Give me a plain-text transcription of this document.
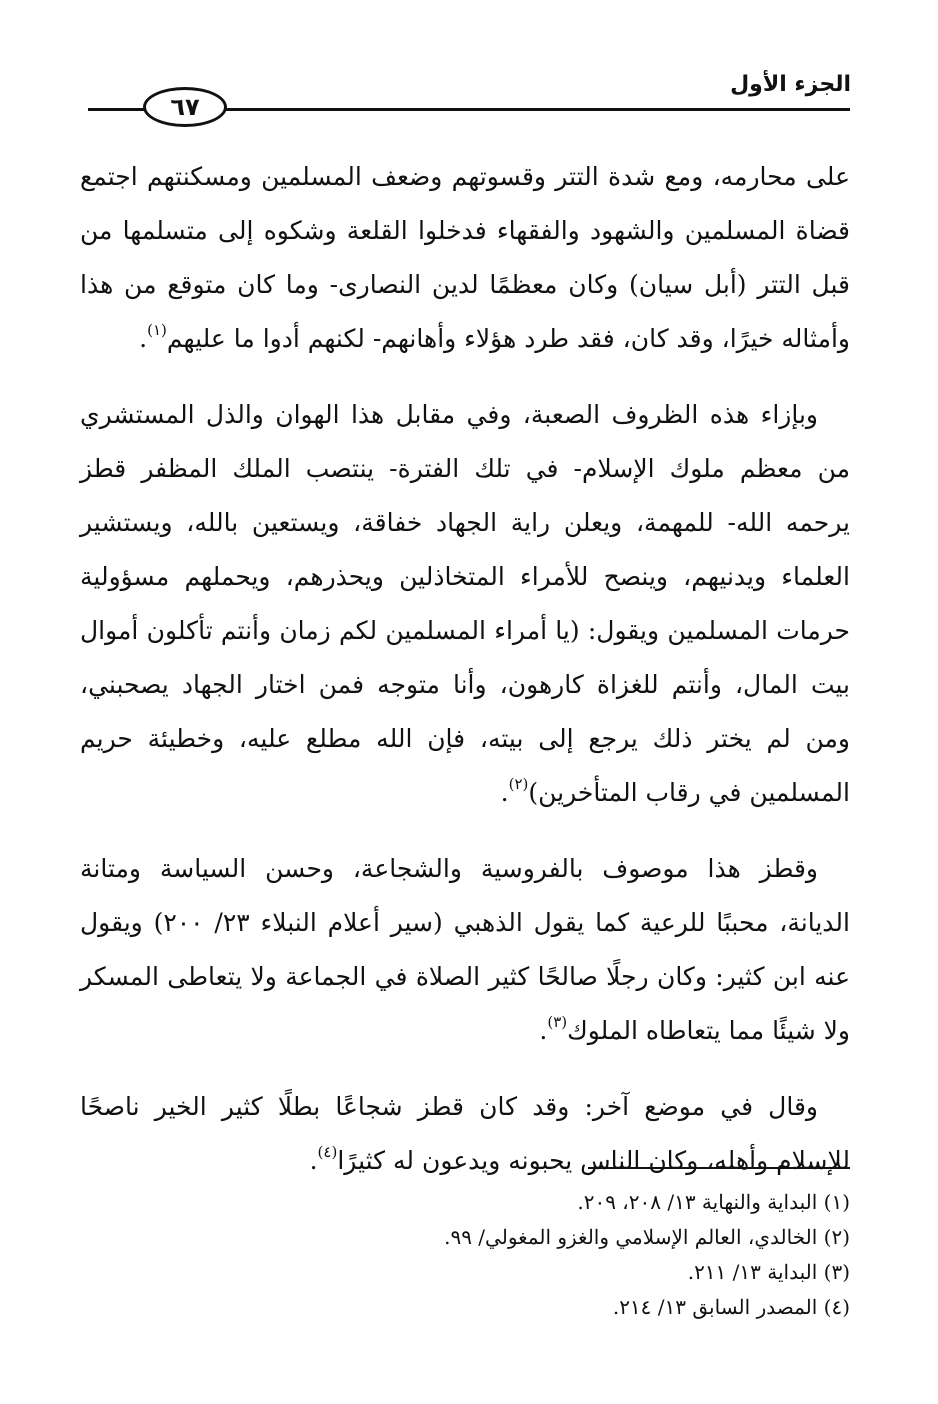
الجزء الأول
٦٧

على محارمه، ومع شدة التتر وقسوتهم وضعف المسلمين ومسكنتهم اجتمع قضاة المسلمين والشهود والفقهاء فدخلوا القلعة وشكوه إلى متسلمها من قبل التتر (أبل سيان) وكان معظمًا لدين النصارى- وما كان متوقع من هذا وأمثاله خيرًا، وقد كان، فقد طرد هؤلاء وأهانهم- لكنهم أدوا ما عليهم$^{(١)}$.

وبإزاء هذه الظروف الصعبة، وفي مقابل هذا الهوان والذل المستشري من معظم ملوك الإسلام- في تلك الفترة- ينتصب الملك المظفر قطز يرحمه الله- للمهمة، ويعلن راية الجهاد خفاقة، ويستعين بالله، ويستشير العلماء ويدنيهم، وينصح للأمراء المتخاذلين ويحذرهم، ويحملهم مسؤولية حرمات المسلمين ويقول: (يا أمراء المسلمين لكم زمان وأنتم تأكلون أموال بيت المال، وأنتم للغزاة كارهون، وأنا متوجه فمن اختار الجهاد يصحبني، ومن لم يختر ذلك يرجع إلى بيته، فإن الله مطلع عليه، وخطيئة حريم المسلمين في رقاب المتأخرين)$^{(٢)}$.

وقطز هذا موصوف بالفروسية والشجاعة، وحسن السياسة ومتانة الديانة، محببًا للرعية كما يقول الذهبي (سير أعلام النبلاء ٢٣/ ٢٠٠) ويقول عنه ابن كثير: وكان رجلًا صالحًا كثير الصلاة في الجماعة ولا يتعاطى المسكر ولا شيئًا مما يتعاطاه الملوك$^{(٣)}$.

وقال في موضع آخر: وقد كان قطز شجاعًا بطلًا كثير الخير ناصحًا للإسلام وأهله، وكان الناس يحبونه ويدعون له كثيرًا$^{(٤)}$.

(١) البداية والنهاية ١٣/ ٢٠٨، ٢٠٩.

(٢) الخالدي، العالم الإسلامي والغزو المغولي/ ٩٩.

(٣) البداية ١٣/ ٢١١.

(٤) المصدر السابق ١٣/ ٢١٤.
